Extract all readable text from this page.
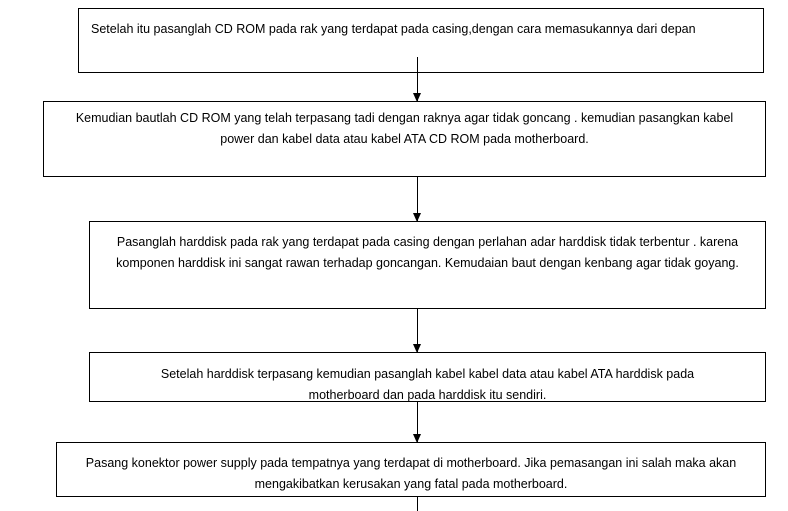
Setelah itu pasanglah CD ROM pada rak yang terdapat pada casing,dengan cara memasukannya dari depan

Kemudian bautlah CD ROM yang telah terpasang tadi dengan raknya agar tidak goncang . kemudian pasangkan kabel power dan kabel data atau kabel ATA CD ROM pada motherboard.

Pasanglah harddisk pada rak yang terdapat pada casing dengan perlahan adar harddisk tidak terbentur . karena komponen harddisk ini sangat rawan terhadap goncangan. Kemudaian baut dengan kenbang agar tidak goyang.

Setelah harddisk terpasang kemudian pasanglah kabel kabel data atau kabel ATA harddisk pada motherboard dan pada harddisk itu sendiri.

Pasang konektor power supply pada tempatnya yang terdapat di motherboard. Jika pemasangan ini salah maka akan mengakibatkan kerusakan yang fatal pada motherboard.
